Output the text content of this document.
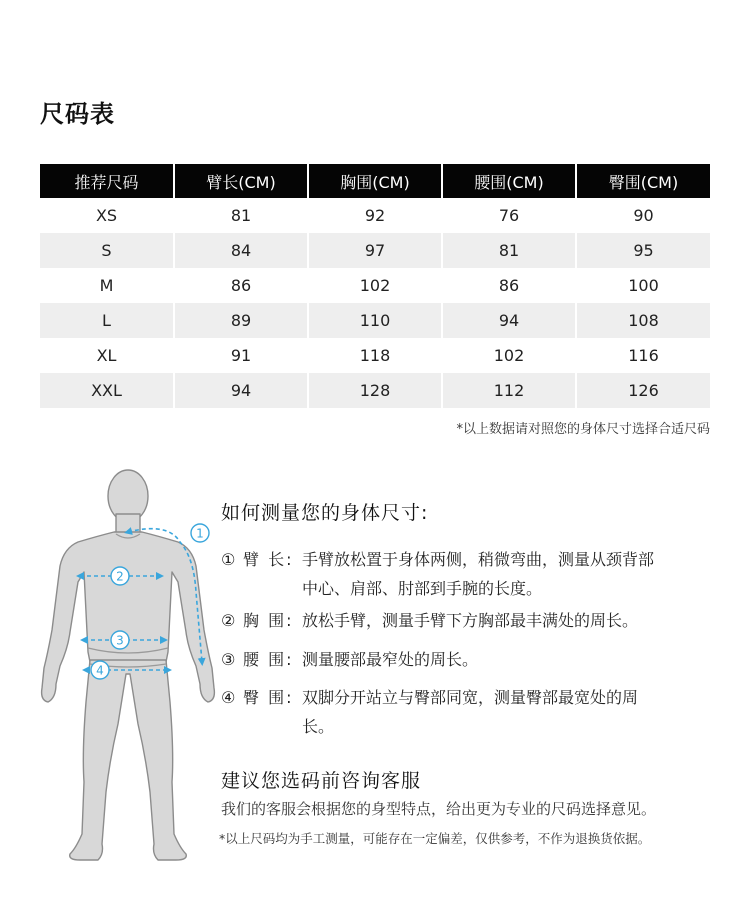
尺码表
推荐尺码	臂长(CM)	胸围(CM)	腰围(CM)	臀围(CM)
XS	81	92	76	90
S	84	97	81	95
M	86	102	86	100
L	89	110	94	108
XL	91	118	102	116
XXL	94	128	112	126
*以上数据请对照您的身体尺寸选择合适尺码
1
2
3
4
如何测量您的身体尺寸:
① 臂 长: 手臂放松置于身体两侧，稍微弯曲，测量从颈背部中心、肩部、肘部到手腕的长度。
② 胸 围: 放松手臂，测量手臂下方胸部最丰满处的周长。
③ 腰 围: 测量腰部最窄处的周长。
④ 臀 围: 双脚分开站立与臀部同宽，测量臀部最宽处的周长。
建议您选码前咨询客服
我们的客服会根据您的身型特点，给出更为专业的尺码选择意见。
*以上尺码均为手工测量，可能存在一定偏差，仅供参考，不作为退换货依据。
